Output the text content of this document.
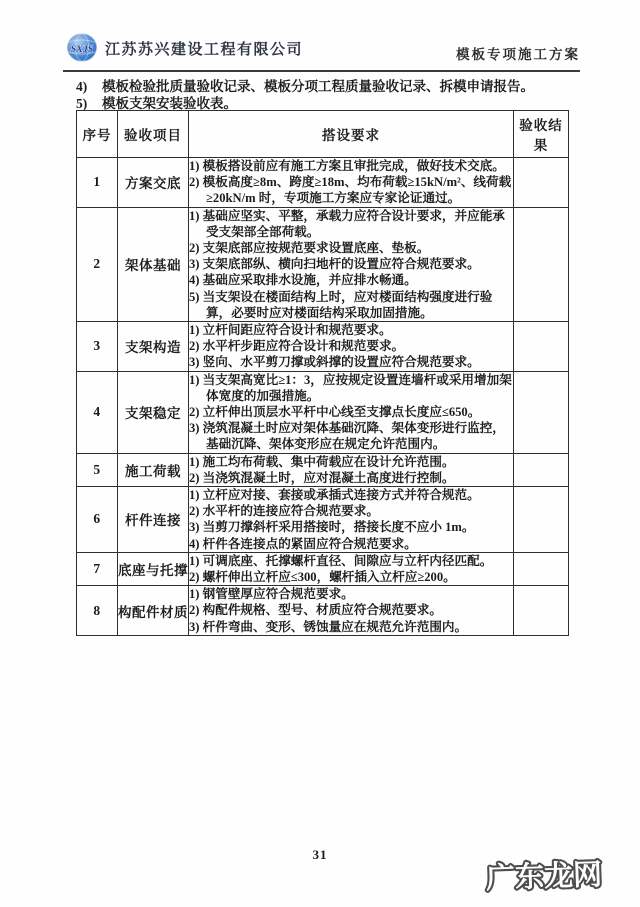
SXJS 江苏苏兴建设工程有限公司	模板专项施工方案
4)	模板检验批质量验收记录、模板分项工程质量验收记录、拆模申请报告。
5)	模板支架安装验收表。
序号	验收项目	搭设要求	验收结果
1	方案交底	1) 模板搭设前应有施工方案且审批完成，做好技术交底。
2) 模板高度≥8m、跨度≥18m、均布荷载≥15kN/m²、线荷载≥20kN/m 时，专项施工方案应专家论证通过。	

2	架体基础	1) 基础应坚实、平整，承载力应符合设计要求，并应能承受支架部全部荷载。
2) 支架底部应按规范要求设置底座、垫板。
3) 支架底部纵、横向扫地杆的设置应符合规范要求。
4) 基础应采取排水设施，并应排水畅通。
5) 当支架设在楼面结构上时，应对楼面结构强度进行验算，必要时应对楼面结构采取加固措施。	

3	支架构造	1) 立杆间距应符合设计和规范要求。
2) 水平杆步距应符合设计和规范要求。
3) 竖向、水平剪刀撑或斜撑的设置应符合规范要求。	

4	支架稳定	1) 当支架高宽比≥1：3，应按规定设置连墙杆或采用增加架体宽度的加强措施。
2) 立杆伸出顶层水平杆中心线至支撑点长度应≤650。
3) 浇筑混凝土时应对架体基础沉降、架体变形进行监控，基础沉降、架体变形应在规定允许范围内。	

5	施工荷载	1) 施工均布荷载、集中荷载应在设计允许范围。
2) 当浇筑混凝土时，应对混凝土高度进行控制。	

6	杆件连接	1) 立杆应对接、套接或承插式连接方式并符合规范。
2) 水平杆的连接应符合规范要求。
3) 当剪刀撑斜杆采用搭接时，搭接长度不应小 1m。
4) 杆件各连接点的紧固应符合规范要求。	

7	底座与托撑	1) 可调底座、托撑螺杆直径、间隙应与立杆内径匹配。
2) 螺杆伸出立杆应≤300，螺杆插入立杆应≥200。	

8	构配件材质	1) 钢管壁厚应符合规范要求。
2) 构配件规格、型号、材质应符合规范要求。
3) 杆件弯曲、变形、锈蚀量应在规范允许范围内。	

31
广东龙网
